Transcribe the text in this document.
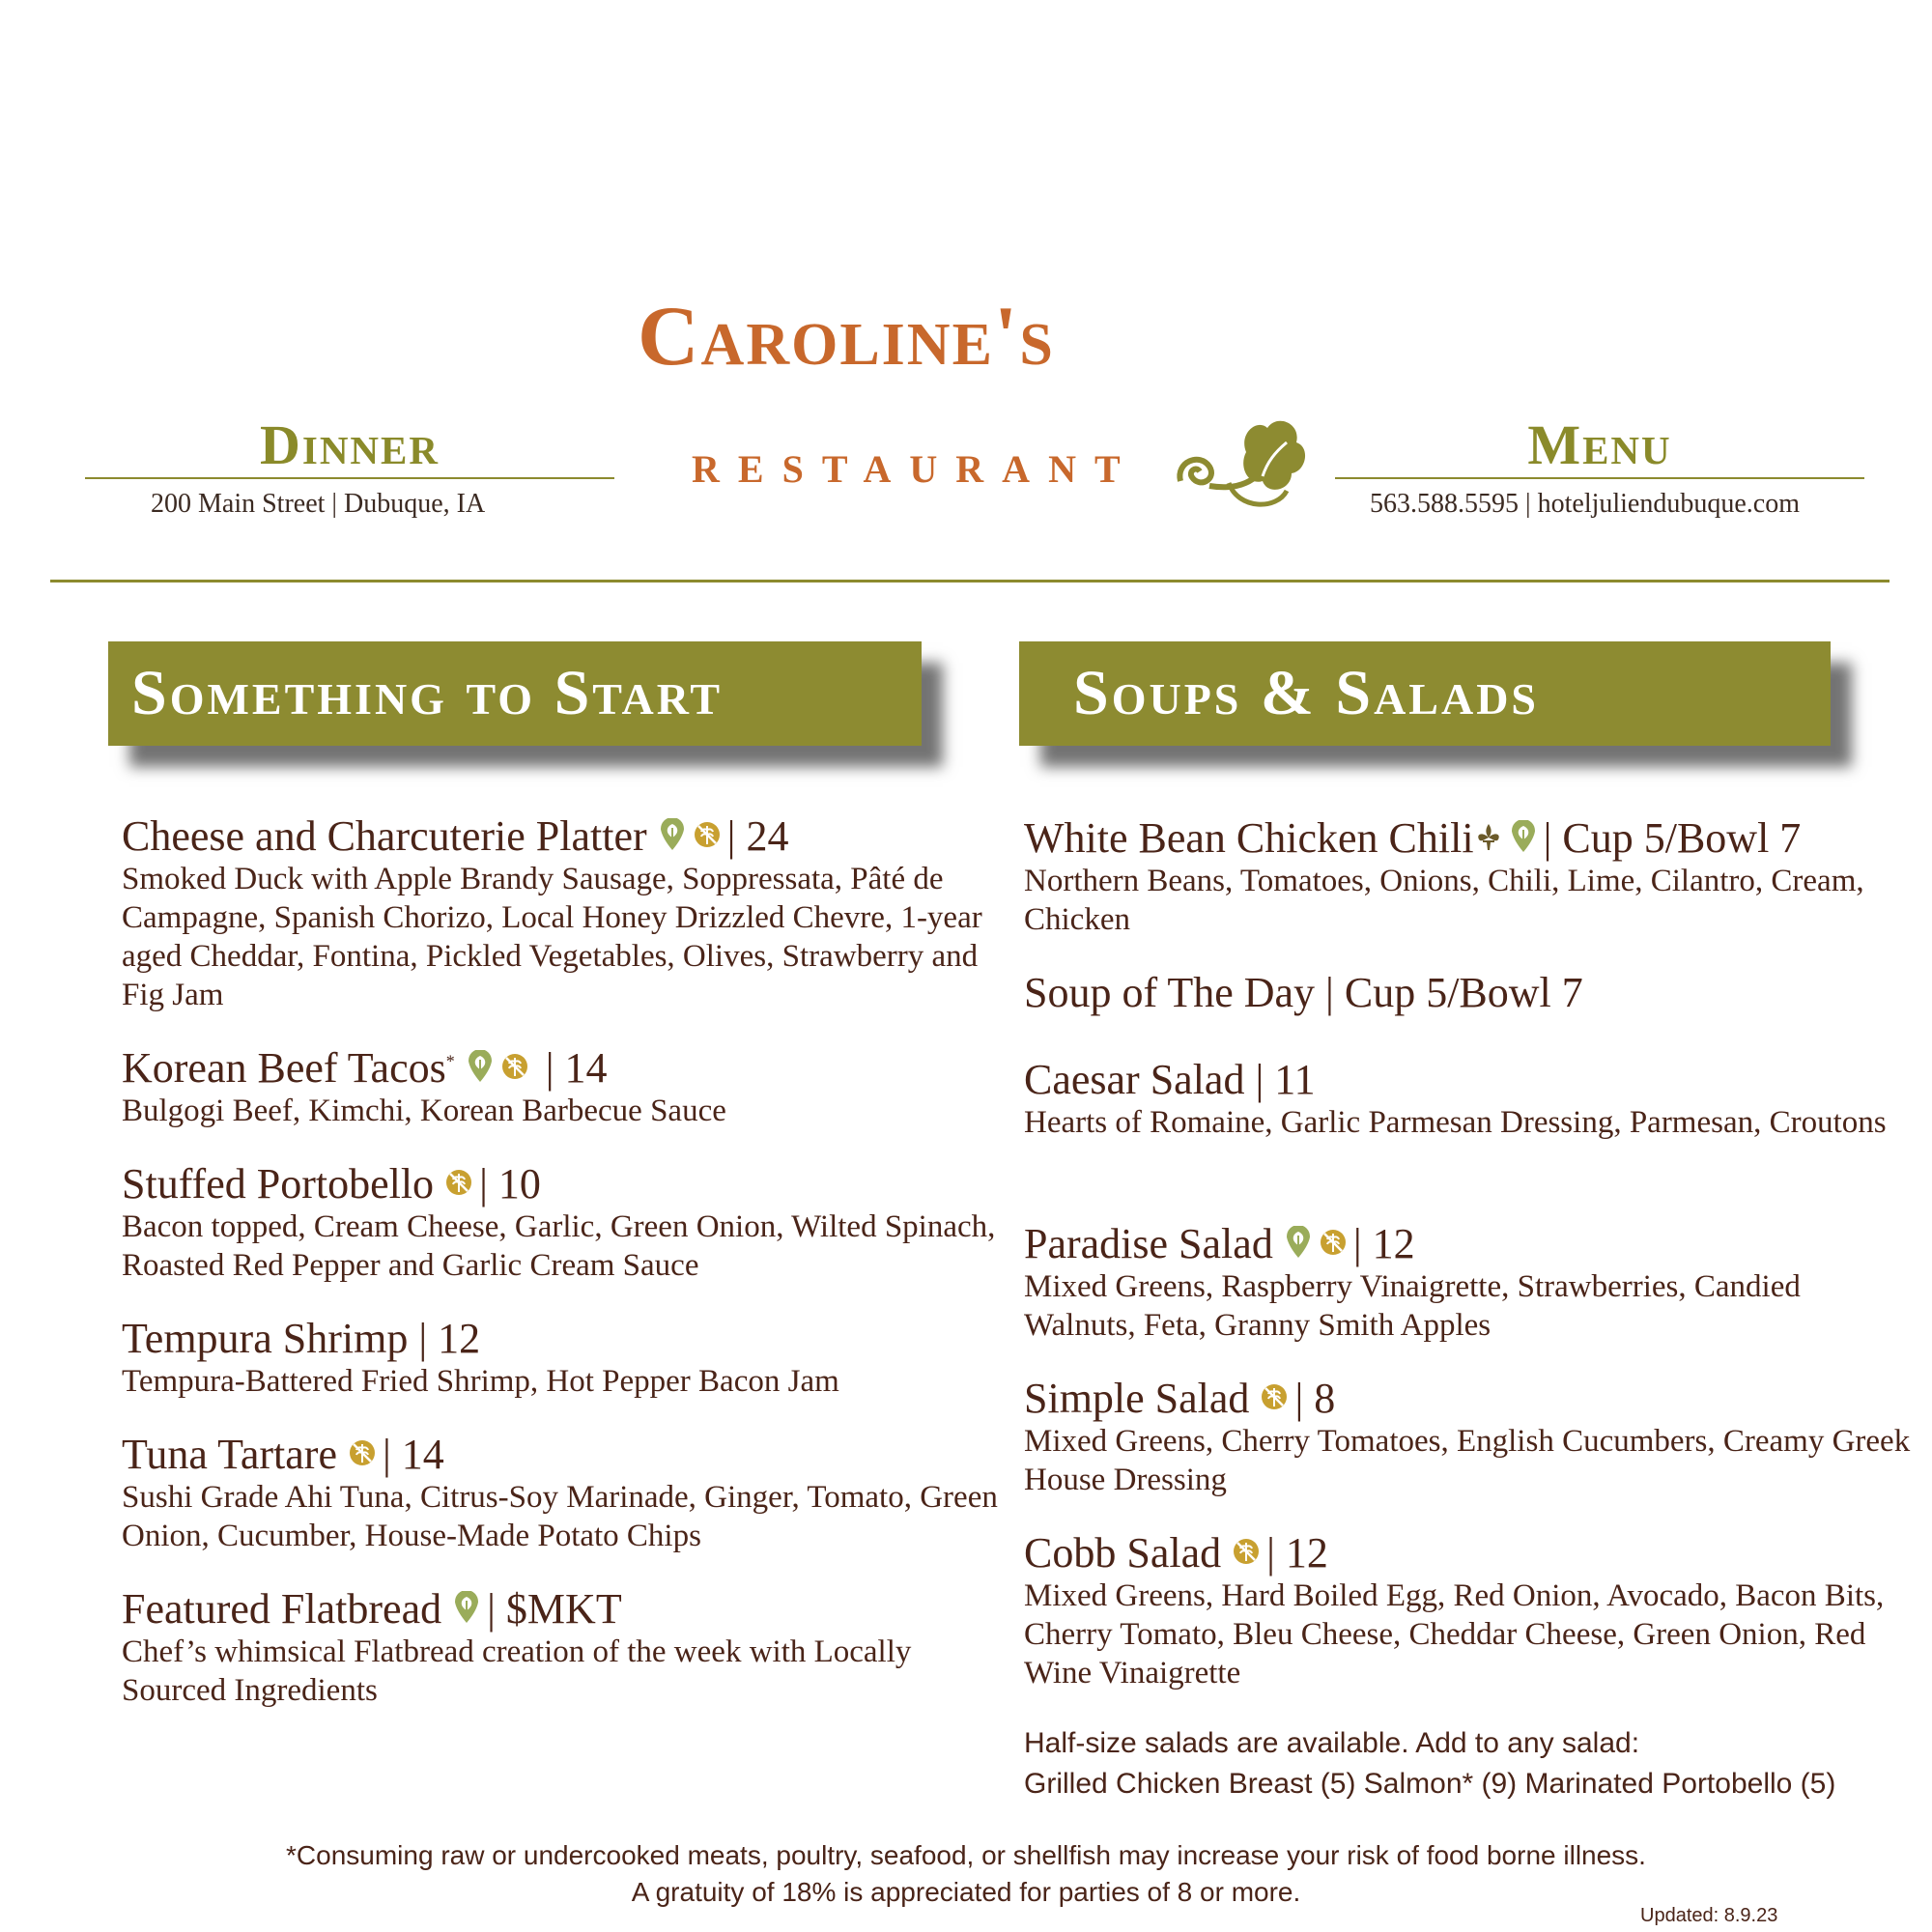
Caroline's
RESTAURANT
Dinner
200 Main Street | Dubuque, IA
Menu
563.588.5595 | hoteljuliendubuque.com
Something to Start	Soups & Salads
Cheese and Charcuterie Platter | 24
Smoked Duck with Apple Brandy Sausage, Soppressata, Pâté de Campagne, Spanish Chorizo, Local Honey Drizzled Chevre, 1-year aged Cheddar, Fontina, Pickled Vegetables, Olives, Strawberry and Fig Jam
Korean Beef Tacos* | 14
Bulgogi Beef, Kimchi, Korean Barbecue Sauce
Stuffed Portobello | 10
Bacon topped, Cream Cheese, Garlic, Green Onion, Wilted Spinach, Roasted Red Pepper and Garlic Cream Sauce
Tempura Shrimp | 12
Tempura-Battered Fried Shrimp, Hot Pepper Bacon Jam
Tuna Tartare | 14
Sushi Grade Ahi Tuna, Citrus-Soy Marinade, Ginger, Tomato, Green Onion, Cucumber, House-Made Potato Chips
Featured Flatbread | $MKT
Chef’s whimsical Flatbread creation of the week with Locally Sourced Ingredients
White Bean Chicken Chili | Cup 5/Bowl 7
Northern Beans, Tomatoes, Onions, Chili, Lime, Cilantro, Cream, Chicken
Soup of The Day | Cup 5/Bowl 7
Caesar Salad | 11
Hearts of Romaine, Garlic Parmesan Dressing, Parmesan, Croutons
Paradise Salad | 12
Mixed Greens, Raspberry Vinaigrette, Strawberries, Candied Walnuts, Feta, Granny Smith Apples
Simple Salad | 8
Mixed Greens, Cherry Tomatoes, English Cucumbers, Creamy Greek House Dressing
Cobb Salad | 12
Mixed Greens, Hard Boiled Egg, Red Onion, Avocado, Bacon Bits, Cherry Tomato, Bleu Cheese, Cheddar Cheese, Green Onion, Red Wine Vinaigrette
Half-size salads are available. Add to any salad:
Grilled Chicken Breast (5) Salmon* (9) Marinated Portobello (5)
*Consuming raw or undercooked meats, poultry, seafood, or shellfish may increase your risk of food borne illness.
A gratuity of 18% is appreciated for parties of 8 or more.
Updated: 8.9.23
